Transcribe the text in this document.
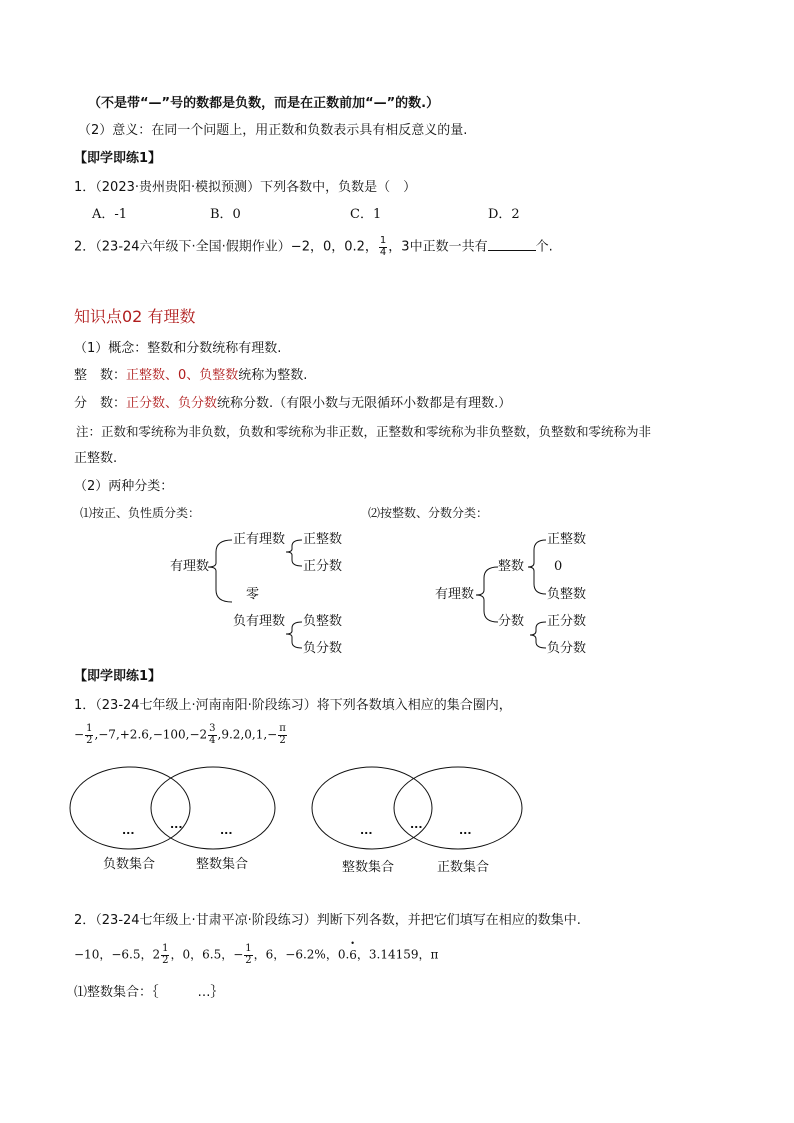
（不是带“—”号的数都是负数，而是在正数前加“—”的数.）
（2）意义：在同一个问题上，用正数和负数表示具有相反意义的量.
【即学即练1】
1．（2023·贵州贵阳·模拟预测）下列各数中，负数是（　）
A．-1	B．0	C．1	D．2
2．（23-24六年级下·全国·假期作业）−2，0，0.2， $\frac{1}{4}$ ，3中正数一共有	个.
知识点02 有理数
（1）概念：整数和分数统称有理数.
整　数：正整数、0、负整数统称为整数.
分　数：正分数、负分数统称分数.（有限小数与无限循环小数都是有理数.）
注：正数和零统称为非负数，负数和零统称为非正数，正整数和零统称为非负整数，负整数和零统称为非
正整数.
（2）两种分类：
⑴按正、负性质分类：	⑵按整数、分数分类：
有理数
正有理数 正整数
正分数
零
负有理数 负整数
负分数
有理数
整数
正整数
0
负整数
分数 正分数
负分数
【即学即练1】
1．（23-24七年级上·河南南阳·阶段练习）将下列各数填入相应的集合圈内，
− $\frac{1}{2} ,-7,+2.6,-100,-2 \frac{3}{4} ,9.2,0,1,- \frac{\pi}{2}$
...	...	...
负数集合	整数集合
...	...	...
整数集合	正数集合
2．（23-24七年级上·甘肃平凉·阶段练习）判断下列各数，并把它们填写在相应的数集中.
−10，−6.5，$2 \frac{1}{2}$ ，0，6.5，− $\frac{1}{2}$ ，6，−6.2%，0.• 6，3.14159，π
⑴整数集合：｛　　　…｝
